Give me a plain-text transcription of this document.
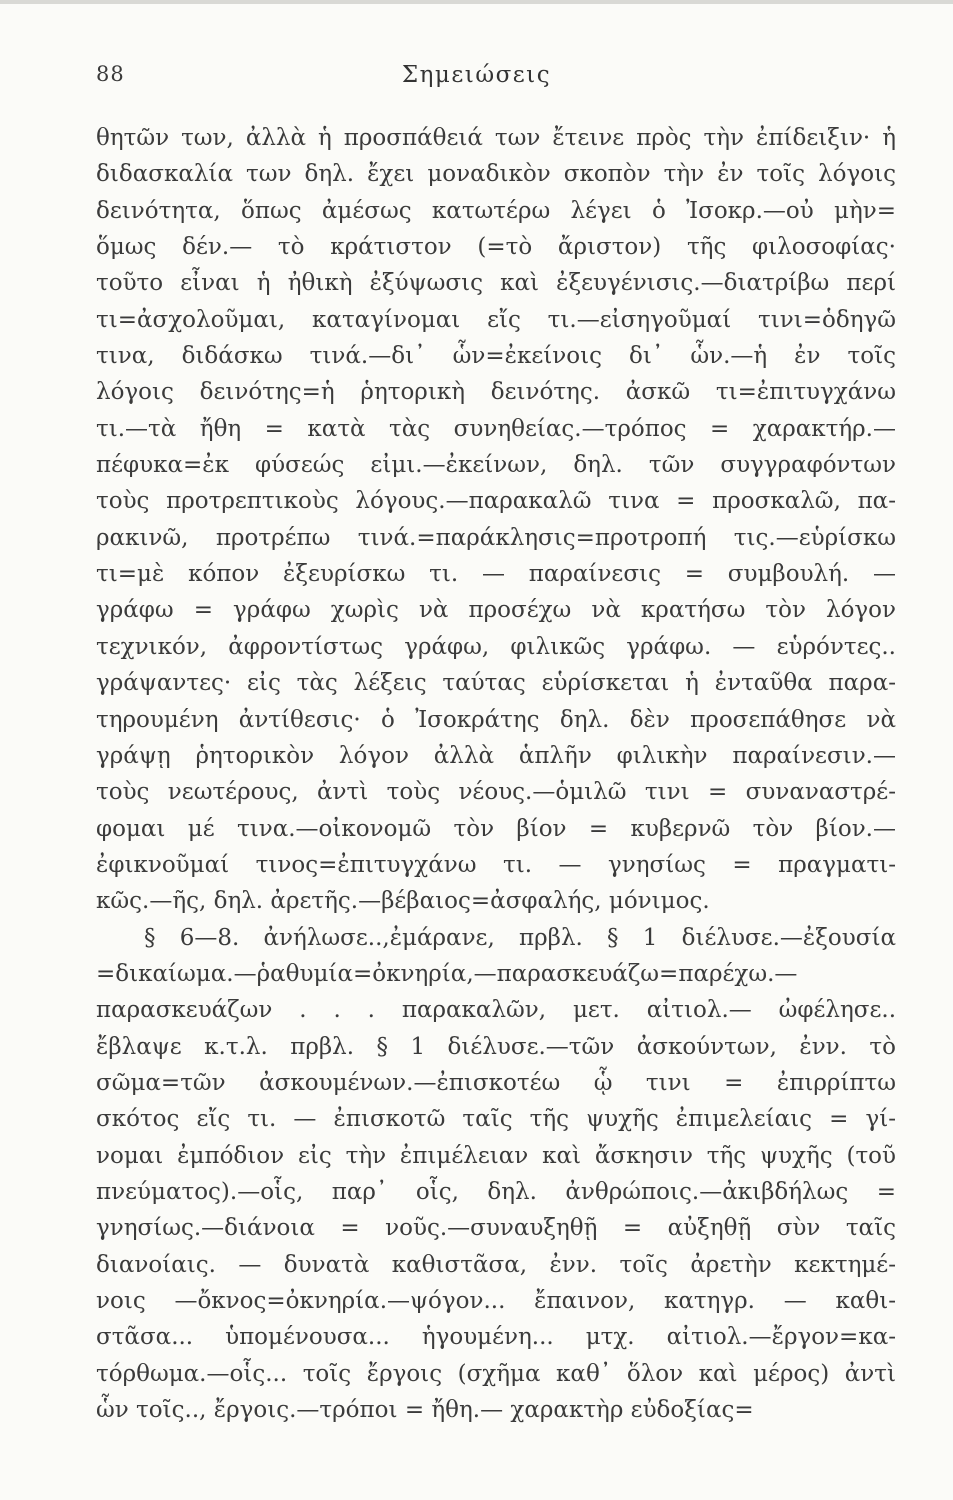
88	Σημειώσεις
θητῶν των, ἀλλὰ ἡ προσπάθειά των ἔτεινε πρὸς τὴν ἐπίδειξιν· ἡ
διδασκαλία των δηλ. ἔχει μοναδικὸν σκοπὸν τὴν ἐν τοῖς λόγοις
δεινότητα, ὅπως ἀμέσως κατωτέρω λέγει ὁ Ἰσοκρ.—οὐ μὴν=
ὅμως δέν.— τὸ κράτιστον (=τὸ ἄριστον) τῆς φιλοσοφίας·
τοῦτο εἶναι ἡ ἠθικὴ ἐξύψωσις καὶ ἐξευγένισις.—διατρίβω περί
τι=ἀσχολοῦμαι, καταγίνομαι εἴς τι.—εἰσηγοῦμαί τινι=ὁδηγῶ
τινα, διδάσκω τινά.—δι᾽ ὧν=ἐκείνοις δι᾽ ὧν.—ἡ ἐν τοῖς
λόγοις δεινότης=ἡ ῥητορικὴ δεινότης. ἀσκῶ τι=ἐπιτυγχάνω
τι.—τὰ ἤθη = κατὰ τὰς συνηθείας.—τρόπος = χαρακτήρ.—
πέφυκα=ἐκ φύσεώς εἰμι.—ἐκείνων, δηλ. τῶν συγγραφόντων
τοὺς προτρεπτικοὺς λόγους.—παρακαλῶ τινα = προσκαλῶ, πα-
ρακινῶ, προτρέπω τινά.=παράκλησις=προτροπή τις.—εὑρίσκω
τι=μὲ κόπον ἐξευρίσκω τι. — παραίνεσις = συμβουλή. —
γράφω = γράφω χωρὶς νὰ προσέχω νὰ κρατήσω τὸν λόγον
τεχνικόν, ἀφροντίστως γράφω, φιλικῶς γράφω. — εὑρόντες..
γράψαντες· εἰς τὰς λέξεις ταύτας εὑρίσκεται ἡ ἐνταῦθα παρα-
τηρουμένη ἀντίθεσις· ὁ Ἰσοκράτης δηλ. δὲν προσεπάθησε νὰ
γράψῃ ῥητορικὸν λόγον ἀλλὰ ἁπλῆν φιλικὴν παραίνεσιν.—
τοὺς νεωτέρους, ἀντὶ τοὺς νέους.—ὁμιλῶ τινι = συναναστρέ-
φομαι μέ τινα.—οἰκονομῶ τὸν βίον = κυβερνῶ τὸν βίον.—
ἐφικνοῦμαί τινος=ἐπιτυγχάνω τι. — γνησίως = πραγματι-
κῶς.—ῆς, δηλ. ἀρετῆς.—βέβαιος=ἀσφαλής, μόνιμος.
§ 6—8. ἀνήλωσε..,ἐμάρανε, πρβλ. § 1 διέλυσε.—ἐξουσία
=δικαίωμα.—ῥαθυμία=ὀκνηρία,—παρασκευάζω=παρέχω.—
παρασκευάζων . . . παρακαλῶν, μετ. αἰτιολ.— ὠφέλησε..
ἔβλαψε κ.τ.λ. πρβλ. § 1 διέλυσε.—τῶν ἀσκούντων, ἐνν. τὸ
σῶμα=τῶν ἀσκουμένων.—ἐπισκοτέω ᾧ τινι = ἐπιρρίπτω
σκότος εἴς τι. — ἐπισκοτῶ ταῖς τῆς ψυχῆς ἐπιμελείαις = γί-
νομαι ἐμπόδιον εἰς τὴν ἐπιμέλειαν καὶ ἄσκησιν τῆς ψυχῆς (τοῦ
πνεύματος).—οἷς, παρ᾽ οἷς, δηλ. ἀνθρώποις.—ἀκιβδήλως =
γνησίως.—διάνοια = νοῦς.—συναυξηθῇ = αὐξηθῇ σὺν ταῖς
διανοίαις. — δυνατὰ καθιστᾶσα, ἐνν. τοῖς ἀρετὴν κεκτημέ-
νοις —ὄκνος=ὀκνηρία.—ψόγον... ἔπαινον, κατηγρ. — καθι-
στᾶσα... ὑπομένουσα... ἡγουμένη... μτχ. αἰτιολ.—ἔργον=κα-
τόρθωμα.—οἷς... τοῖς ἔργοις (σχῆμα καθ᾽ ὅλον καὶ μέρος) ἀντὶ
ὧν τοῖς.., ἔργοις.—τρόποι = ἤθη.— χαρακτὴρ εὐδοξίας=
